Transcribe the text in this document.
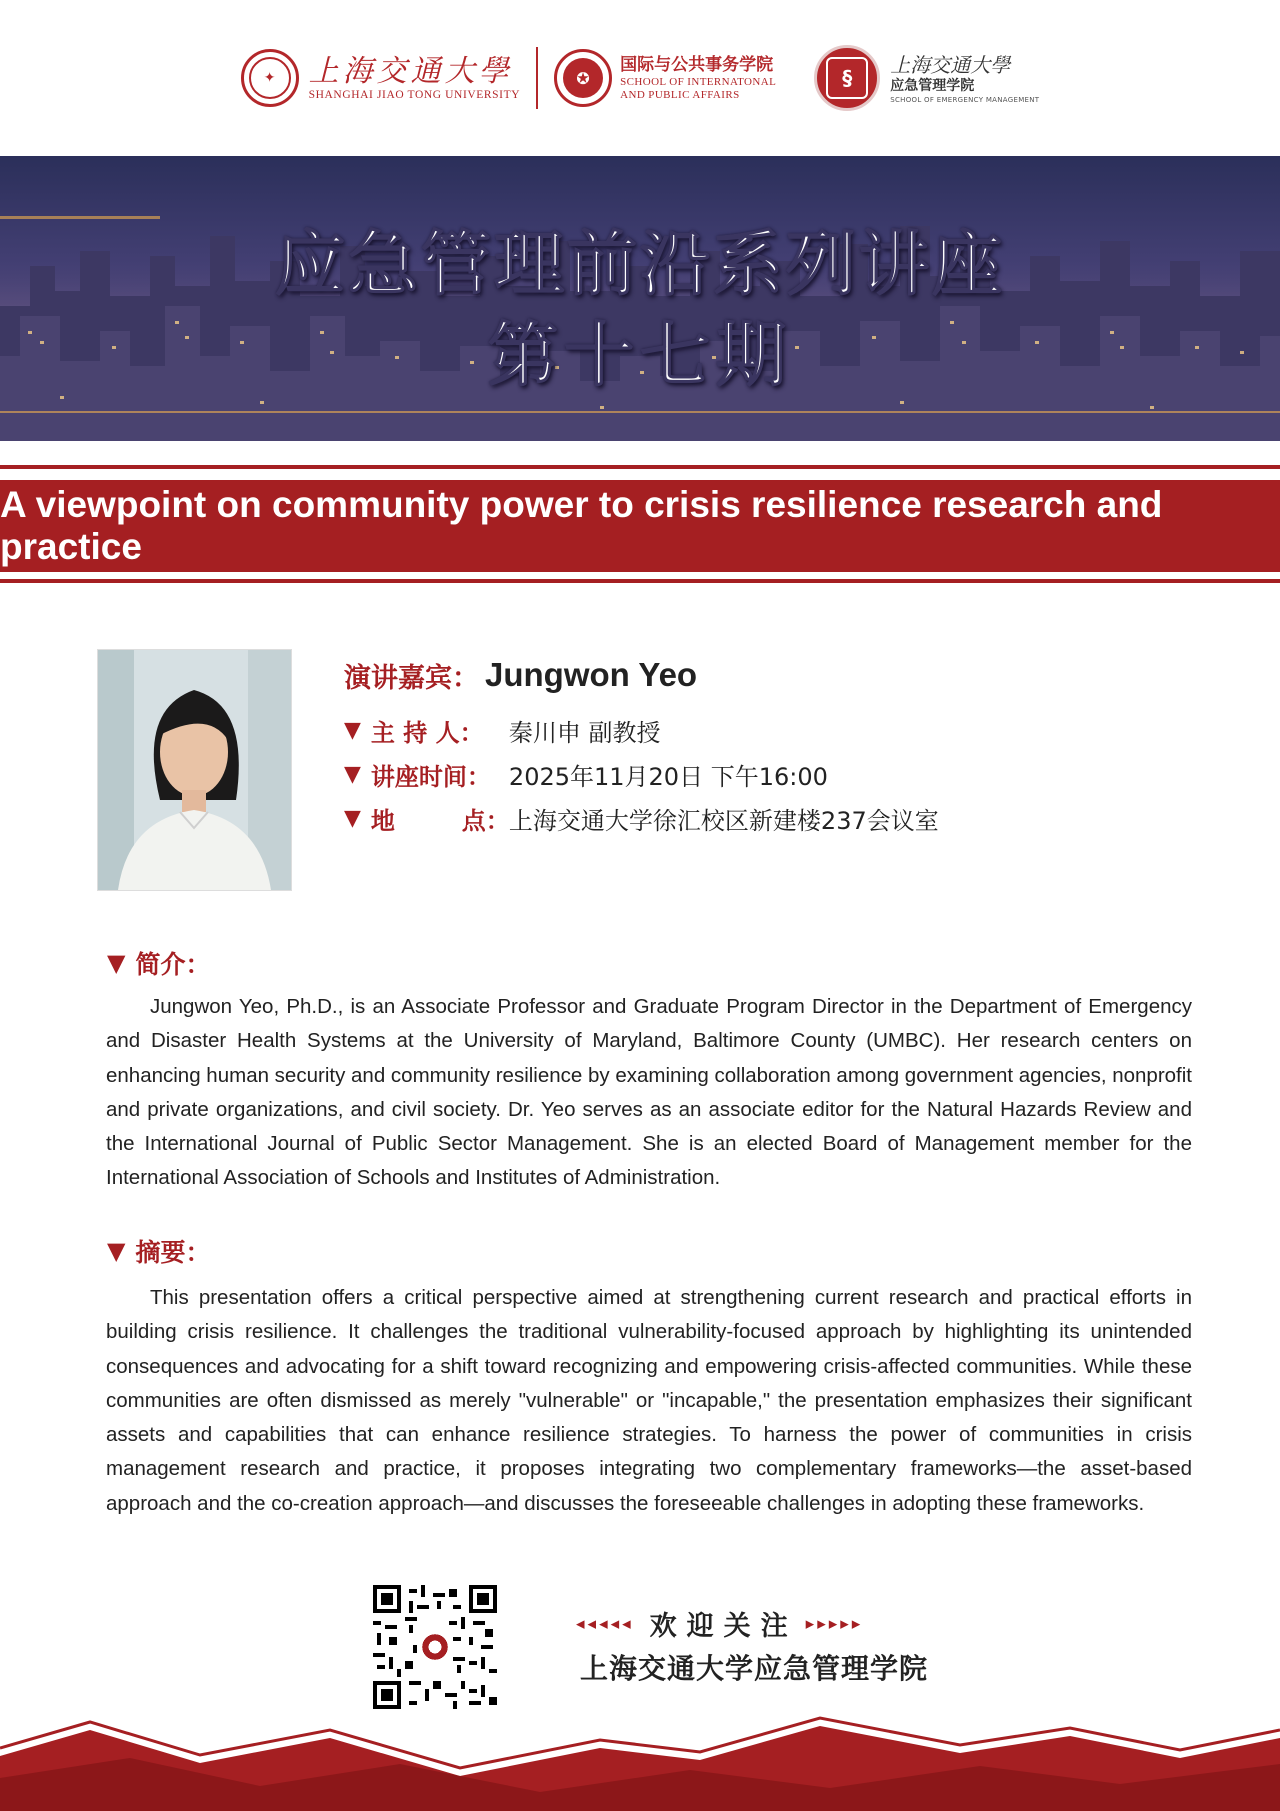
✦	上海交通大學
SHANGHAI JIAO TONG UNIVERSITY
✪
国际与公共事务学院
SCHOOL OF INTERNATONAL
AND PUBLIC AFFAIRS
§
上海交通大學
应急管理学院
SCHOOL OF EMERGENCY MANAGEMENT
应急管理前沿系列讲座
第十七期
A viewpoint on community power to crisis resilience research and practice
演讲嘉宾： Jungwon Yeo
▼ 主 持 人：	秦川申 副教授
▼ 讲座时间： 2025年11月20日 下午16:00
▼ 地        点： 上海交通大学徐汇校区新建楼237会议室
▼ 简介：
Jungwon Yeo, Ph.D., is an Associate Professor and Graduate Program Director in the Department of Emergency and Disaster Health Systems at the University of Maryland, Baltimore County (UMBC). Her research centers on enhancing human security and community resilience by examining collaboration among government agencies, nonprofit and private organizations, and civil society. Dr. Yeo serves as an associate editor for the Natural Hazards Review and the International Journal of Public Sector Management. She is an elected Board of Management member for the International Association of Schools and Institutes of Administration.
▼ 摘要：
This presentation offers a critical perspective aimed at strengthening current research and practical efforts in building crisis resilience. It challenges the traditional vulnerability-focused approach by highlighting its unintended consequences and advocating for a shift toward recognizing and empowering crisis-affected communities. While these communities are often dismissed as merely "vulnerable" or "incapable," the presentation emphasizes their significant assets and capabilities that can enhance resilience strategies. To harness the power of communities in crisis management research and practice, it proposes integrating two complementary frameworks—the asset-based approach and the co-creation approach—and discusses the foreseeable challenges in adopting these frameworks.
◂◂◂◂◂ 欢迎关注 ▸▸▸▸▸
上海交通大学应急管理学院
